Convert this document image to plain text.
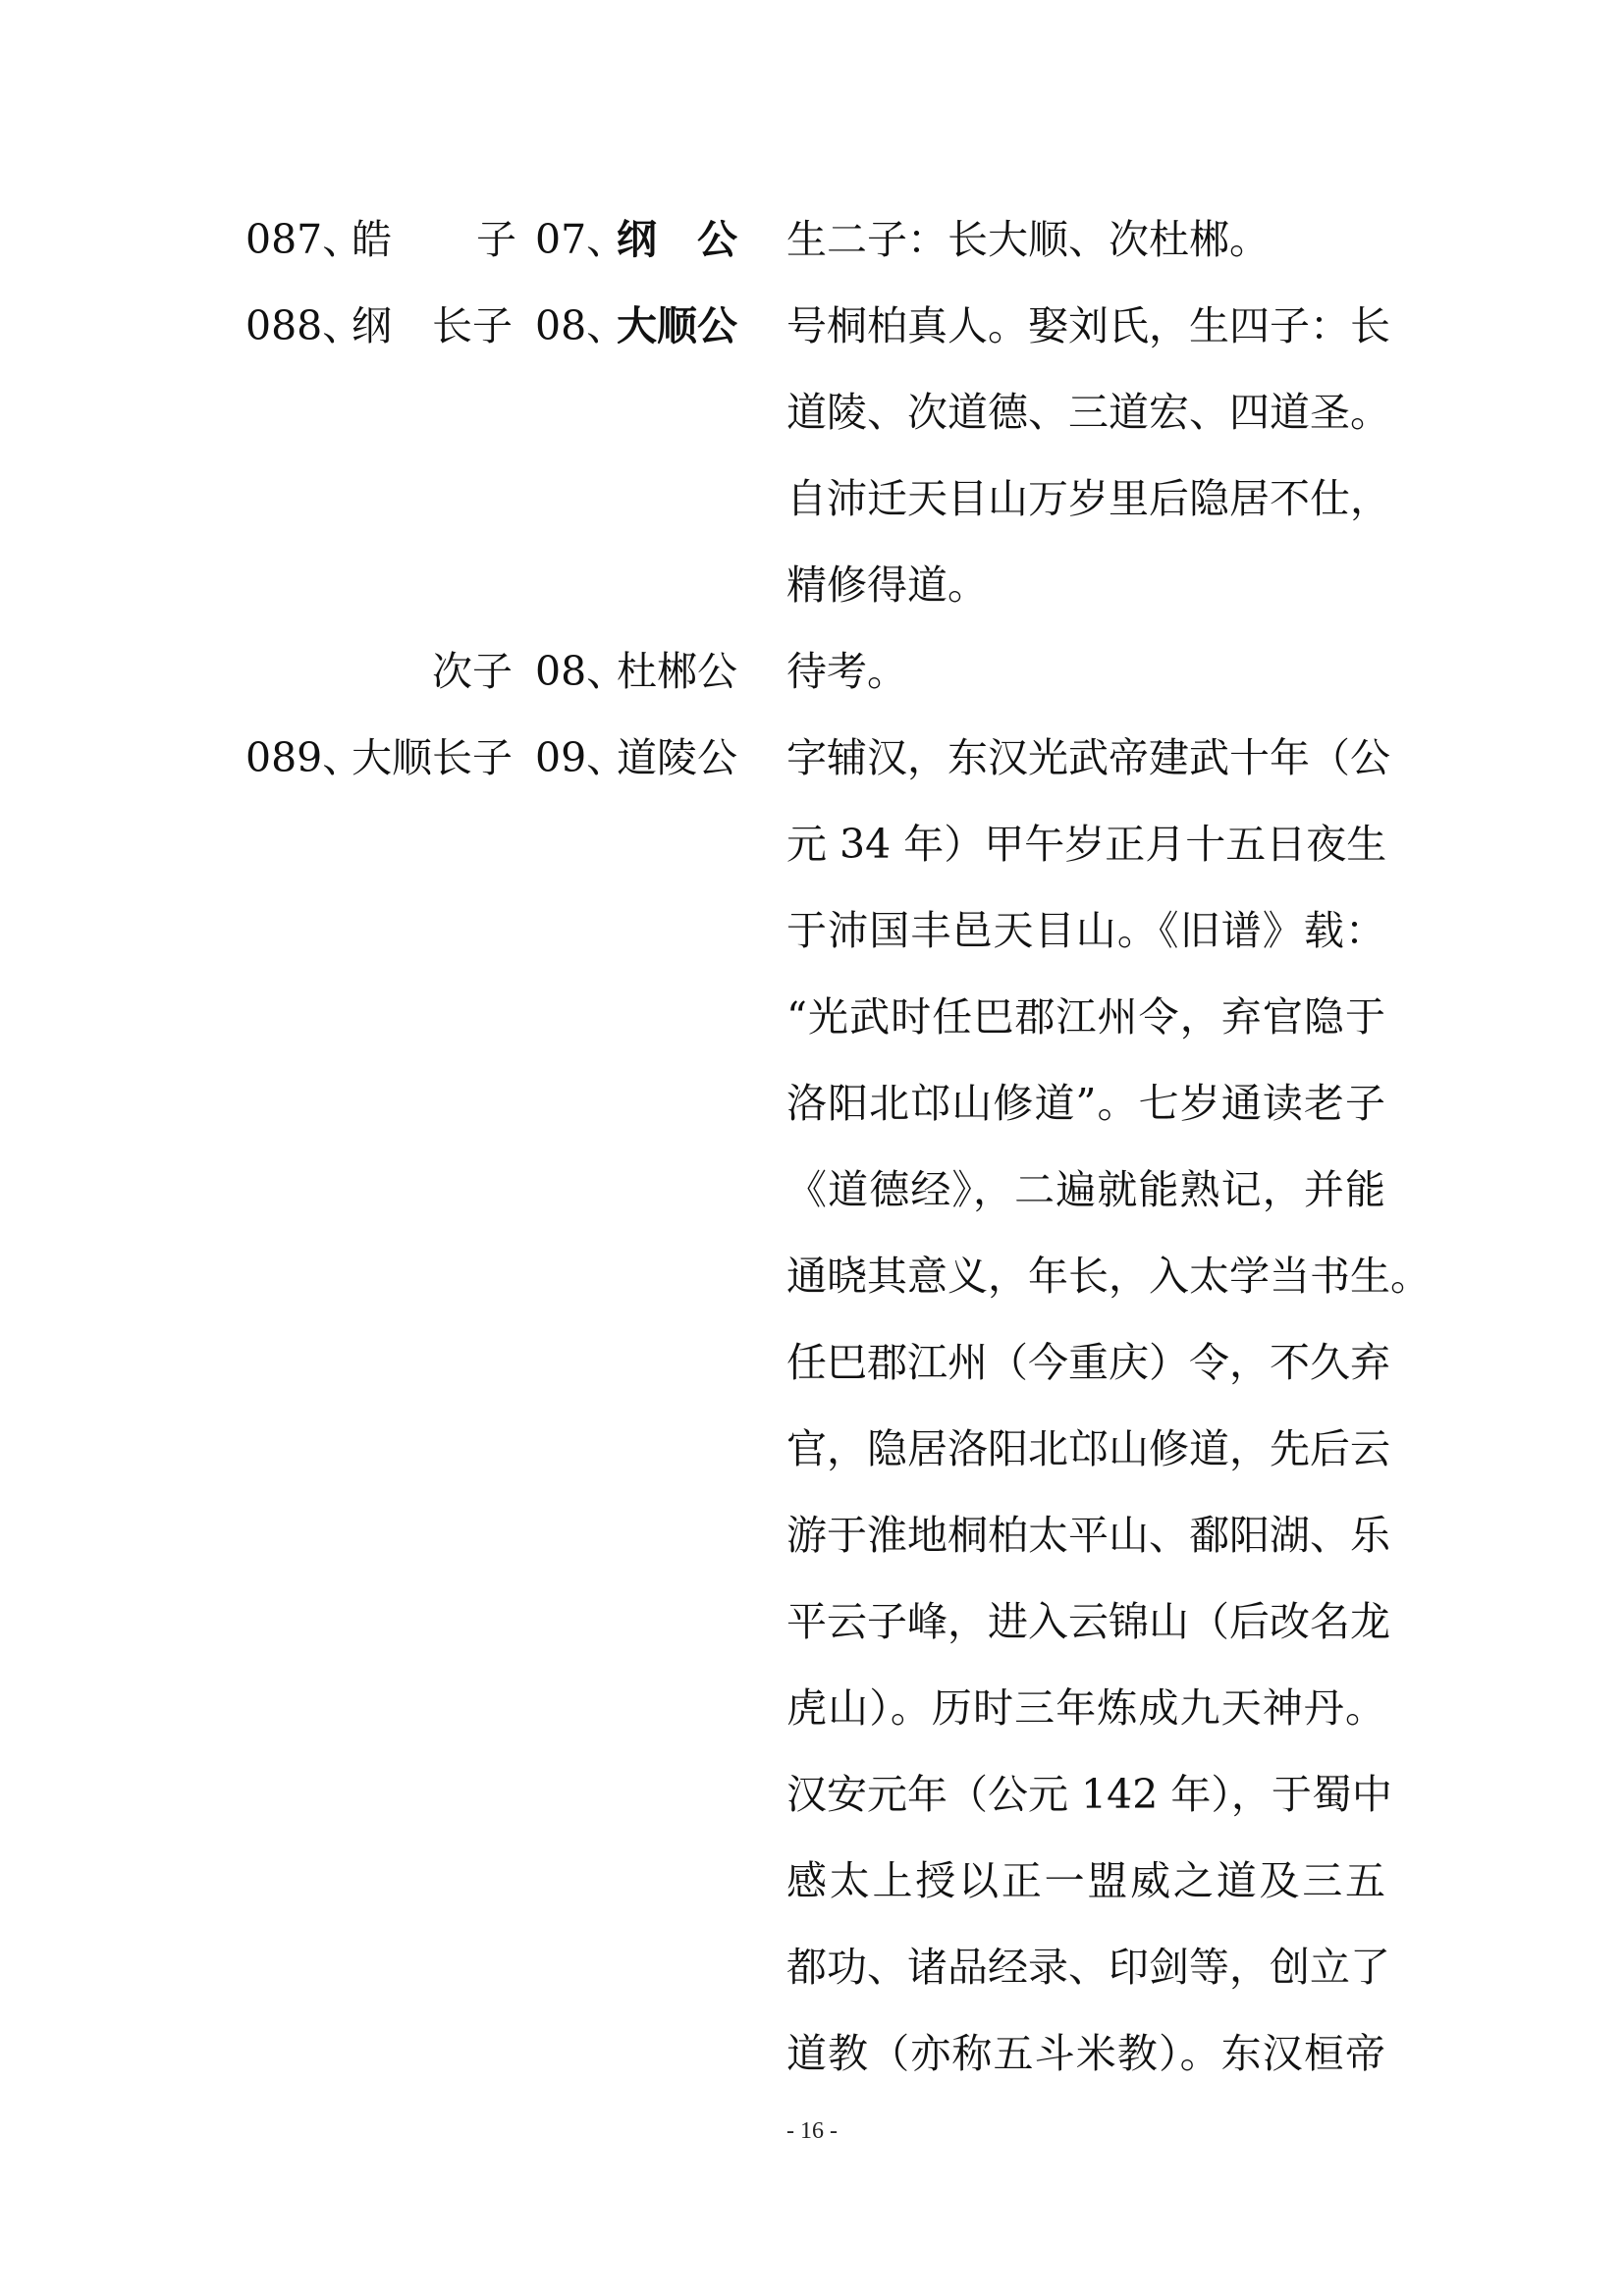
087、
皓 子 07、
纲　公 生二子：长大顺、次杜郴。
088、
纲 长子 08、
大顺公 号桐柏真人。娶刘氏，生四子：长
道陵、次道德、三道宏、四道圣。
自沛迁天目山万岁里后隐居不仕，
精修得道。
次子 08、
杜郴公 待考。
089、
大顺 长子 09、
道陵公 字辅汉，东汉光武帝建武十年（公
元 34 年）甲午岁正月十五日夜生
于沛国丰邑天目山。《旧谱》载：
“光武时任巴郡江州令，弃官隐于
洛阳北邙山修道”。七岁通读老子
《道德经》，二遍就能熟记，并能
通晓其意义，年长，入太学当书生。
任巴郡江州（今重庆）令，不久弃
官，隐居洛阳北邙山修道，先后云
游于淮地桐柏太平山、鄱阳湖、乐
平云子峰，进入云锦山（后改名龙
虎山）。历时三年炼成九天神丹。
汉安元年（公元 142 年），于蜀中
感太上授以正一盟威之道及三五
都功、诸品经录、印剑等，创立了
道教（亦称五斗米教）。东汉桓帝
- 16 -
